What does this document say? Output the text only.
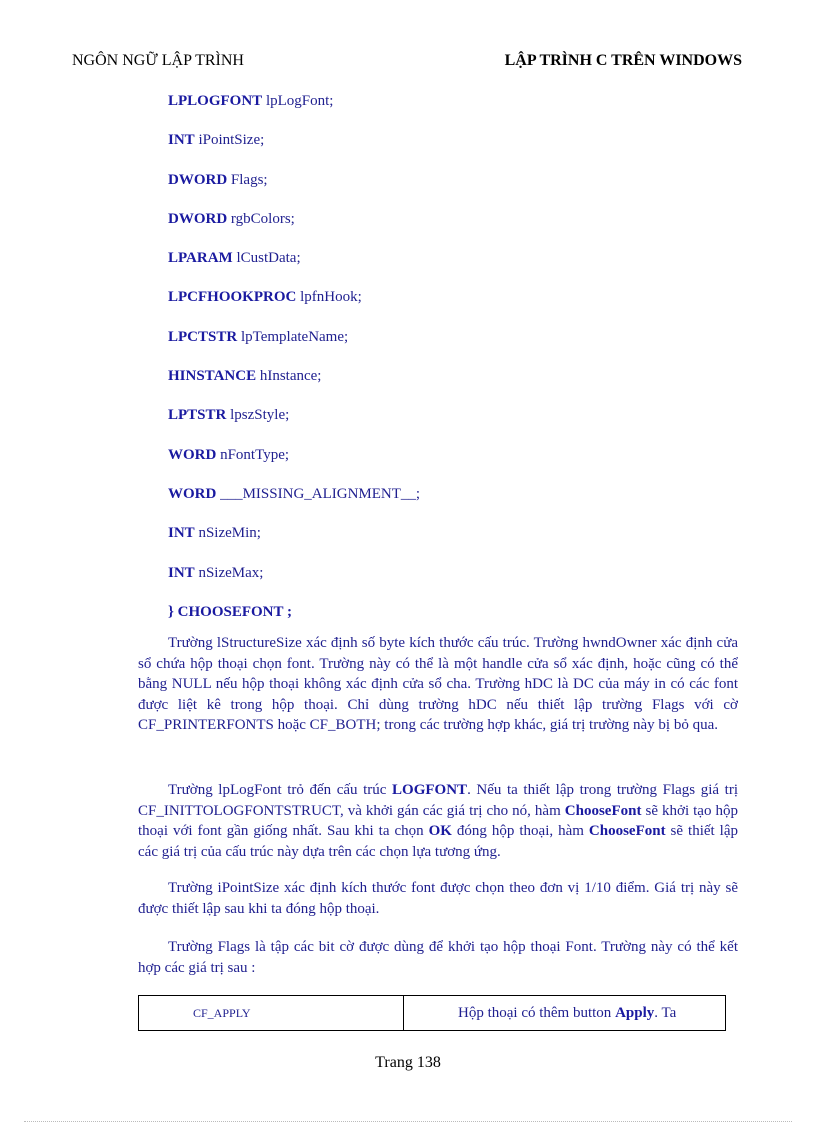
NGÔN NGỮ LẬP TRÌNH	LẬP TRÌNH C TRÊN WINDOWS
LPLOGFONT lpLogFont;
INT iPointSize;
DWORD Flags;
DWORD rgbColors;
LPARAM lCustData;
LPCFHOOKPROC lpfnHook;
LPCTSTR lpTemplateName;
HINSTANCE hInstance;
LPTSTR lpszStyle;
WORD nFontType;
WORD ___MISSING_ALIGNMENT__;
INT nSizeMin;
INT nSizeMax;
} CHOOSEFONT ;
Trường lStructureSize xác định số byte kích thước cấu trúc. Trường hwndOwner xác định cửa sổ chứa hộp thoại chọn font. Trường này có thể là một handle cửa sổ xác định, hoặc cũng có thể bằng NULL nếu hộp thoại không xác định cửa sổ cha. Trường hDC là DC của máy in có các font được liệt kê trong hộp thoại. Chỉ dùng trường hDC nếu thiết lập trường Flags với cờ CF_PRINTERFONTS hoặc CF_BOTH; trong các trường hợp khác, giá trị trường này bị bỏ qua.
Trường lpLogFont trỏ đến cấu trúc LOGFONT. Nếu ta thiết lập trong trường Flags giá trị CF_INITTOLOGFONTSTRUCT, và khởi gán các giá trị cho nó, hàm ChooseFont sẽ khởi tạo hộp thoại với font gần giống nhất. Sau khi ta chọn OK đóng hộp thoại, hàm ChooseFont sẽ thiết lập các giá trị của cấu trúc này dựa trên các chọn lựa tương ứng.
Trường iPointSize xác định kích thước font được chọn theo đơn vị 1/10 điểm. Giá trị này sẽ được thiết lập sau khi ta đóng hộp thoại.
Trường Flags là tập các bit cờ được dùng để khởi tạo hộp thoại Font. Trường này có thể kết hợp các giá trị sau :
CF_APPLY	Hộp thoại có thêm button Apply. Ta
Trang 138
